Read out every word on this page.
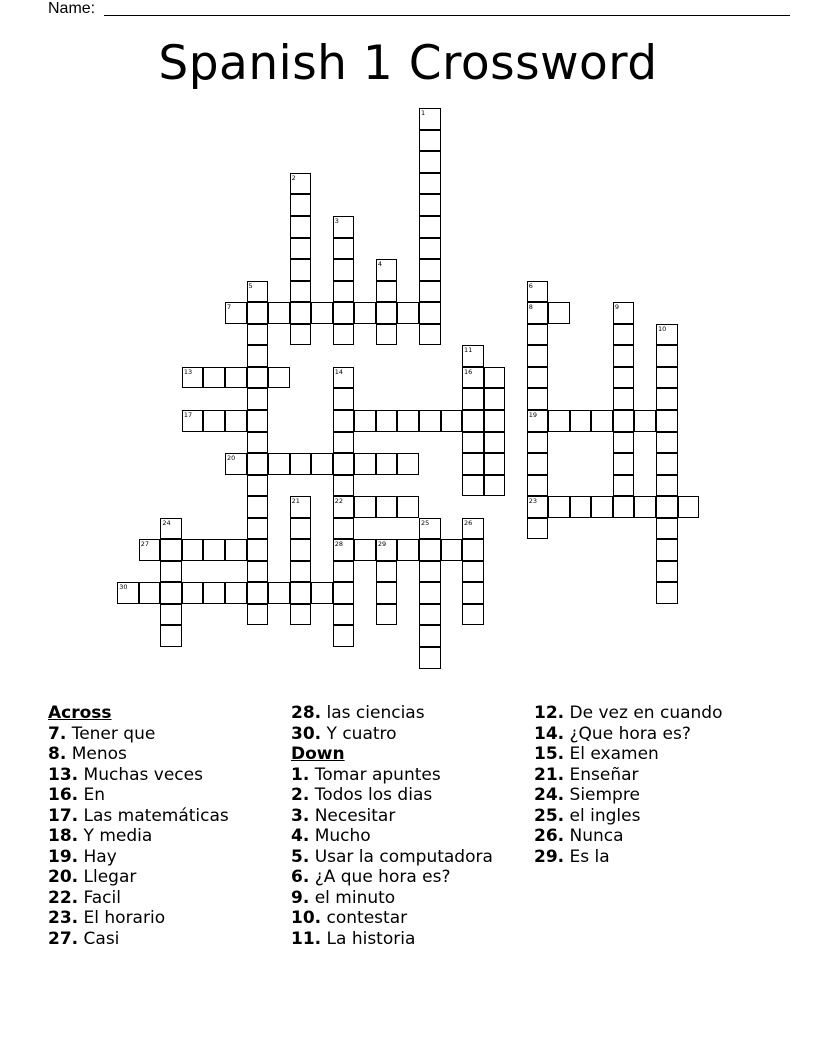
Name:
Spanish 1 Crossword
1
2
3
4
5	6
8
19
23
7	9
10
11
16
13	14
22
28
17
20
21
25	26
24
27	29
30
Across
7. Tener que
8. Menos
13. Muchas veces
16. En
17. Las matemáticas
18. Y media
19. Hay
20. Llegar
22. Facil
23. El horario
27. Casi
28. las ciencias
30. Y cuatro
Down
1. Tomar apuntes
2. Todos los dias
3. Necesitar
4. Mucho
5. Usar la computadora
6. ¿A que hora es?
9. el minuto
10. contestar
11. La historia
12. De vez en cuando
14. ¿Que hora es?
15. El examen
21. Enseñar
24. Siempre
25. el ingles
26. Nunca
29. Es la
